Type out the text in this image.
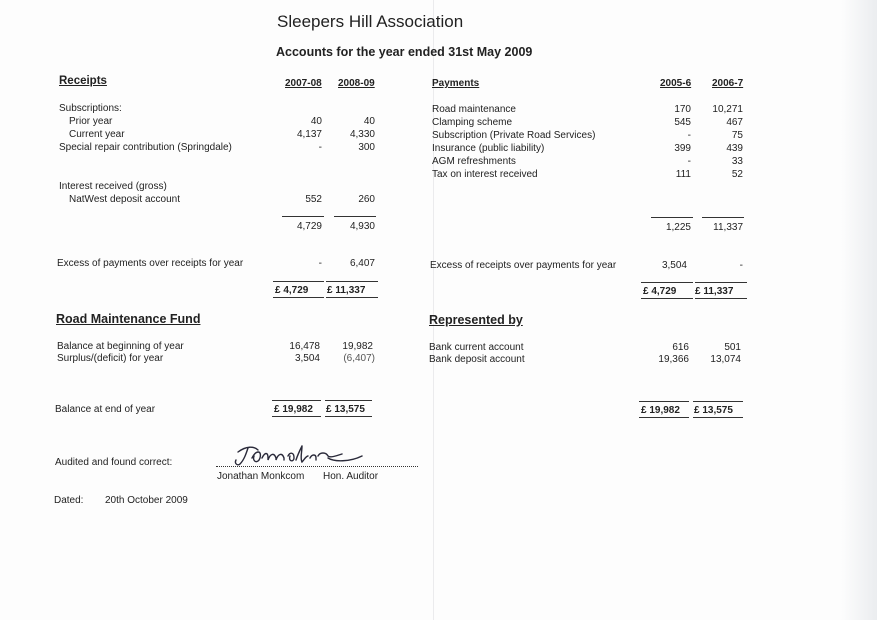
Sleepers Hill Association
Accounts for the year ended 31st May 2009
Receipts	2007-08 2008-09
Subscriptions:
Prior year	40	40
Current year	4,137	4,330
Special repair contribution (Springdale)	-	300
Interest received (gross)
NatWest deposit account	552	260
4,729	4,930
Excess of payments over receipts for year	-	6,407
£ 4,729 £ 11,337
Payments	2005-6 2006-7
Road maintenance	170	10,271
Clamping scheme	545	467
Subscription (Private Road Services)	-	75
Insurance (public liability)	399	439
AGM refreshments	-	33
Tax on interest received	111	52
1,225	11,337
Excess of receipts over payments for year	3,504	-
£ 4,729 £ 11,337
Road Maintenance Fund
Balance at beginning of year	16,478	19,982
Surplus/(deficit) for year	3,504	(6,407)
Balance at end of year	£ 19,982 £ 13,575
Represented by
Bank current account	616	501
Bank deposit account	19,366	13,074
£ 19,982 £ 13,575
Audited and found correct:
Jonathan Monkcom Hon. Auditor
Dated: 20th October 2009
